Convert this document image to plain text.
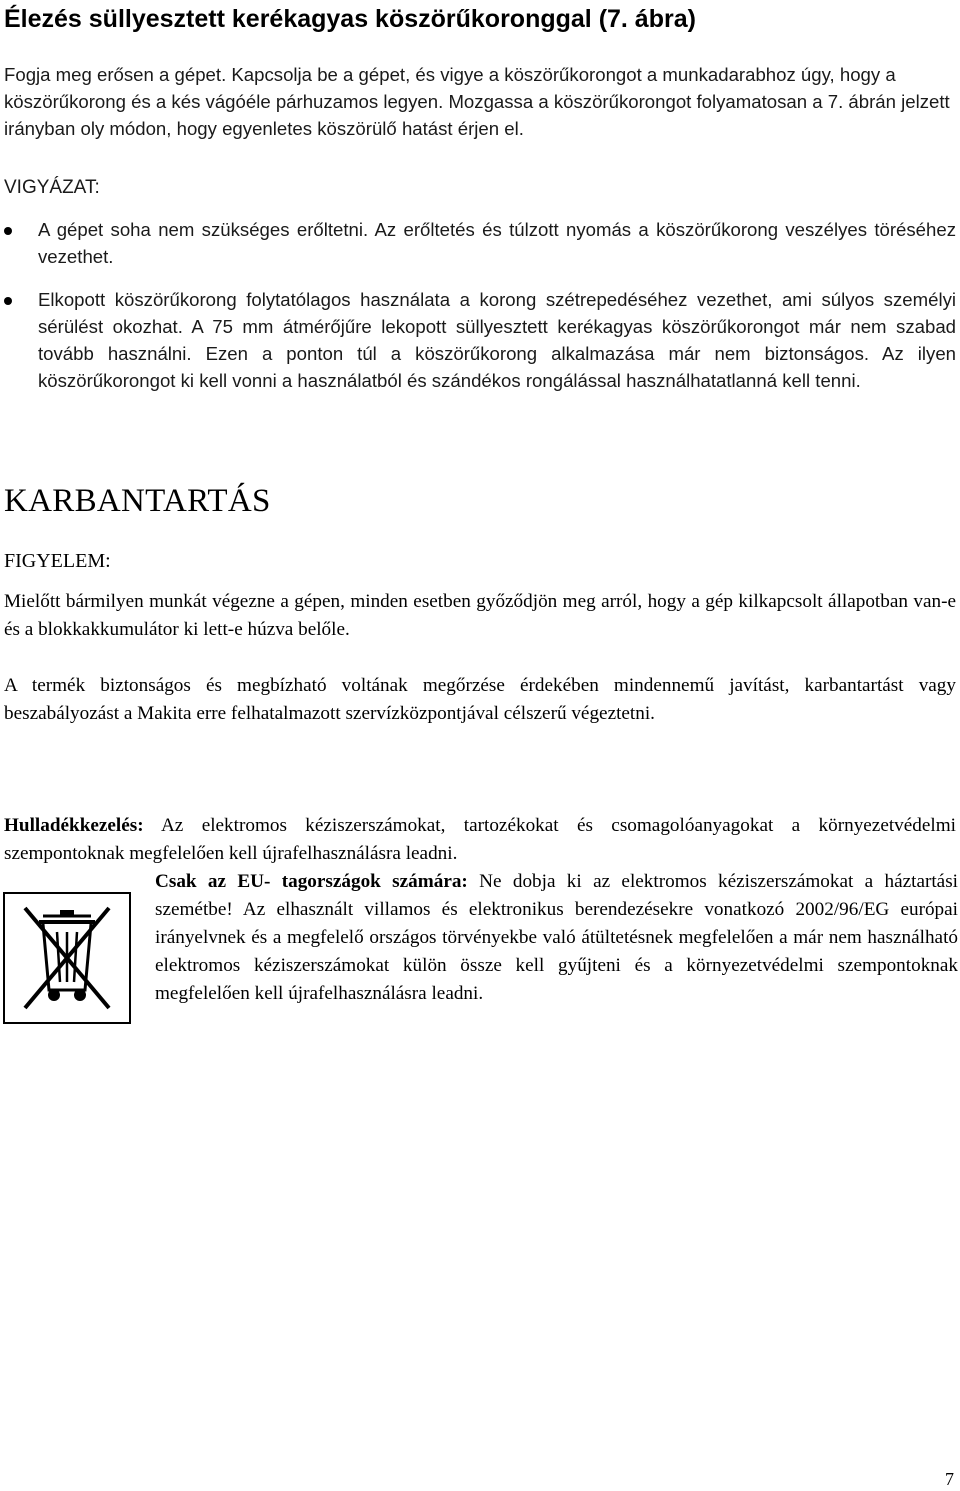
Élezés süllyesztett kerékagyas köszörűkoronggal (7. ábra)

Fogja meg erősen a gépet. Kapcsolja be a gépet, és vigye a köszörűkorongot a munkadarabhoz úgy, hogy a köszörűkorong és a kés vágóéle párhuzamos legyen. Mozgassa a köszörűkorongot folyamatosan a 7. ábrán jelzett irányban oly módon, hogy egyenletes köszörülő hatást érjen el.

VIGYÁZAT:

A gépet soha nem szükséges erőltetni. Az erőltetés és túlzott nyomás a köszörűkorong veszélyes töréséhez vezethet.

Elkopott köszörűkorong folytatólagos használata a korong szétrepedéséhez vezethet, ami súlyos személyi sérülést okozhat. A 75 mm átmérőjűre lekopott süllyesztett kerékagyas köszörűkorongot már nem szabad tovább használni. Ezen a ponton túl a köszörűkorong alkalmazása már nem biztonságos. Az ilyen köszörűkorongot ki kell vonni a használatból és szándékos rongálással használhatatlanná kell tenni.

KARBANTARTÁS

FIGYELEM:

Mielőtt bármilyen munkát végezne a gépen, minden esetben győződjön meg arról, hogy a gép kilkapcsolt állapotban van-e és a blokkakkumulátor ki lett-e húzva belőle.

A termék biztonságos és megbízható voltának megőrzése érdekében mindennemű javítást, karbantartást vagy beszabályozást a Makita erre felhatalmazott szervízközpontjával célszerű végeztetni.

Hulladékkezelés: Az elektromos kéziszerszámokat, tartozékokat és csomagolóanyagokat a környezetvédelmi szempontoknak megfelelően kell újrafelhasználásra leadni.

Csak az EU- tagországok számára: Ne dobja ki az elektromos kéziszerszámokat a háztartási szemétbe! Az elhasznált villamos és elektronikus berendezésekre vonatkozó 2002/96/EG európai irányelvnek és a megfelelő országos törvényekbe való átültetésnek megfelelően a már nem használható elektromos kéziszerszámokat külön össze kell gyűjteni és a környezetvédelmi szempontoknak megfelelően kell újrafelhasználásra leadni.

7
